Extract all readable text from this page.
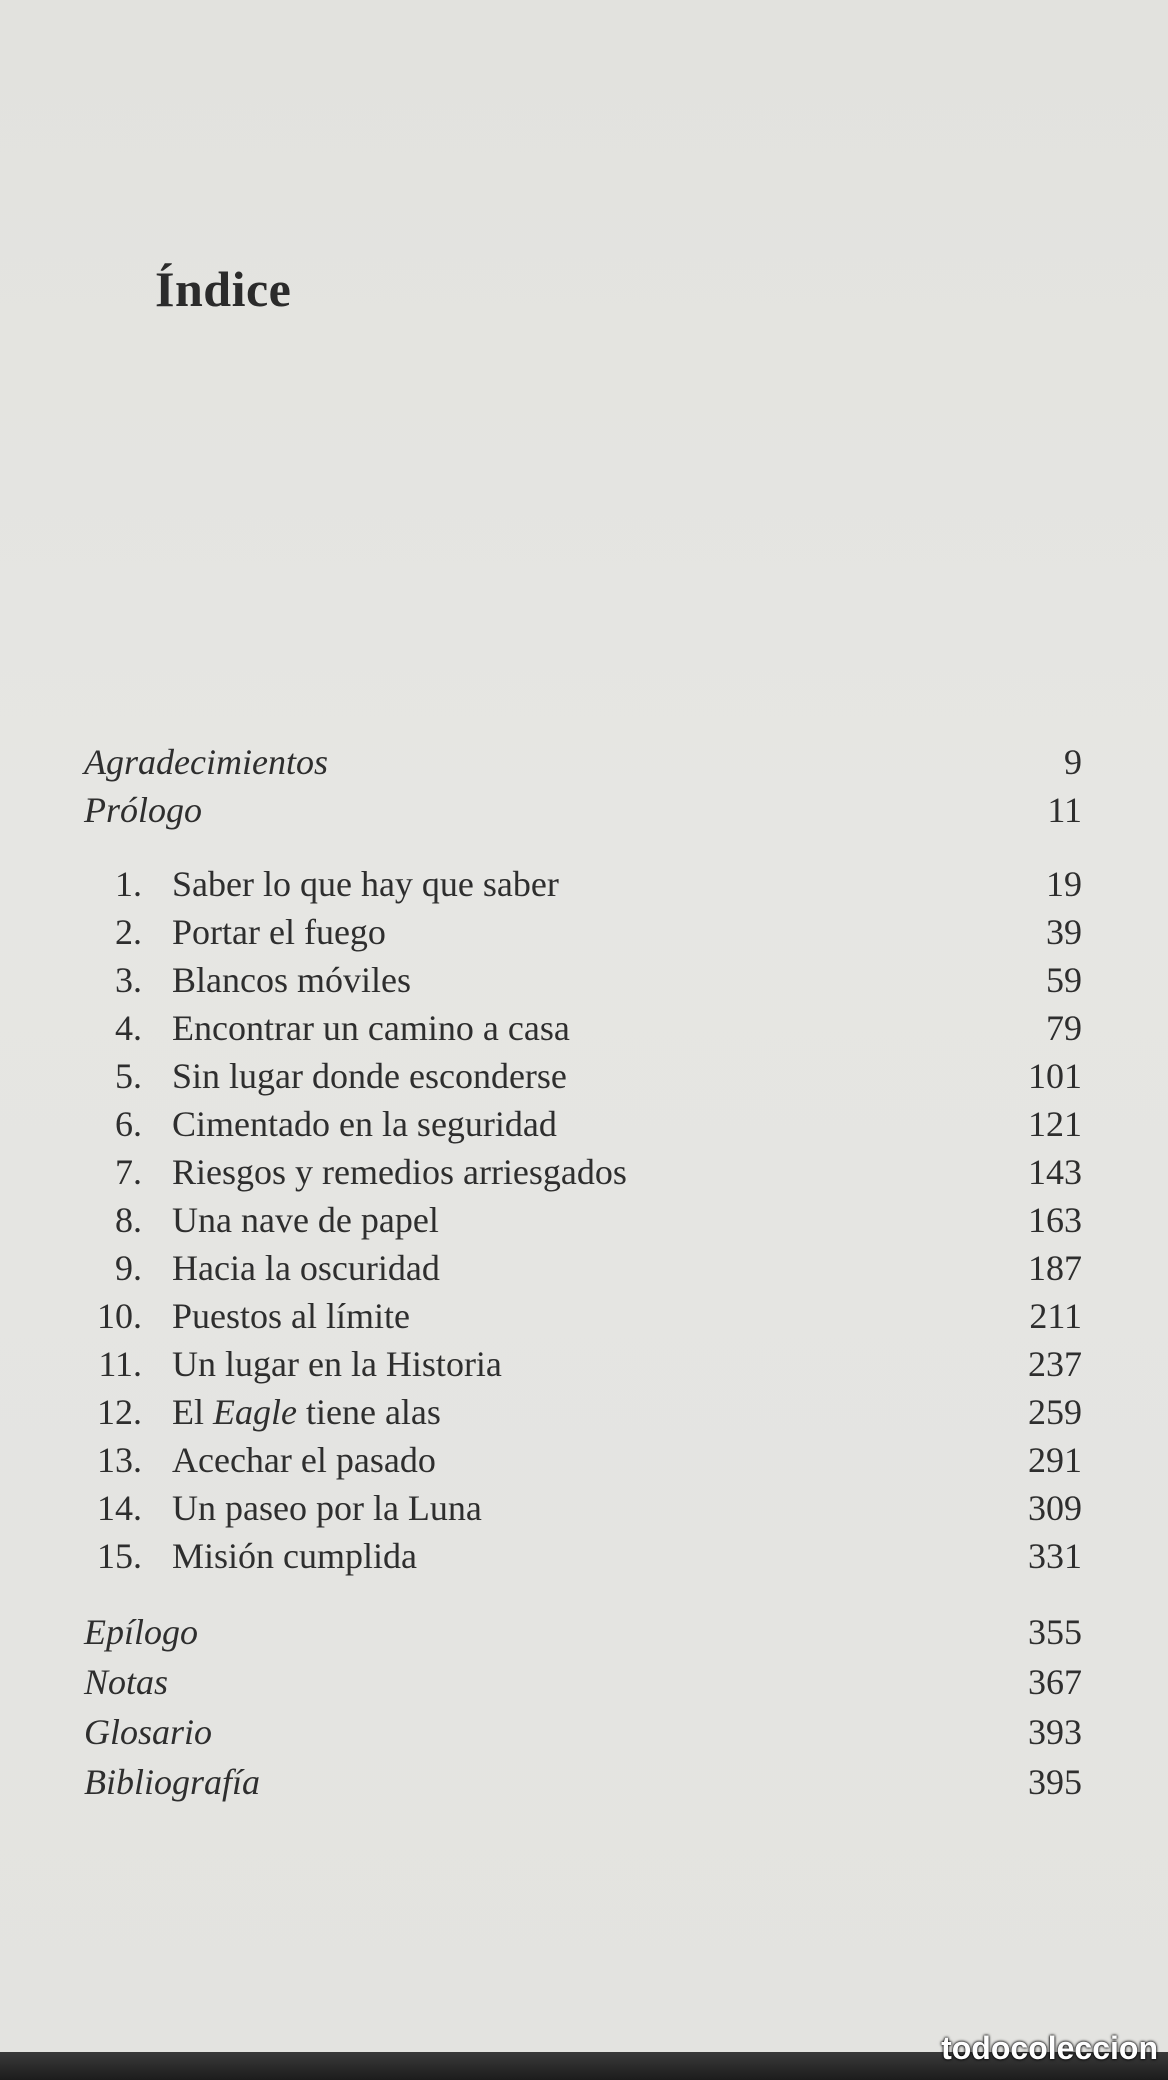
Índice
Agradecimientos	9
Prólogo	11
1. Saber lo que hay que saber	19
2. Portar el fuego	39
3. Blancos móviles	59
4. Encontrar un camino a casa	79
5. Sin lugar donde esconderse	101
6. Cimentado en la seguridad	121
7. Riesgos y remedios arriesgados	143
8. Una nave de papel	163
9. Hacia la oscuridad	187
10. Puestos al límite	211
11. Un lugar en la Historia	237
12. El Eagle tiene alas	259
13. Acechar el pasado	291
14. Un paseo por la Luna	309
15. Misión cumplida	331
Epílogo	355
Notas	367
Glosario	393
Bibliografía	395
todocoleccion
